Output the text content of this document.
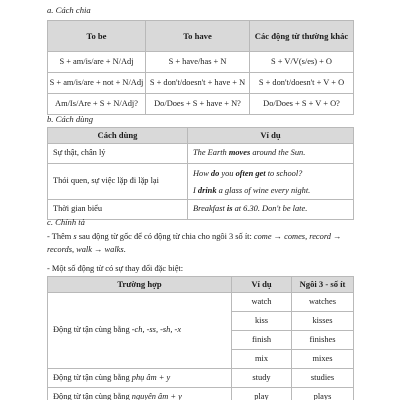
a. Cách chia
To be	To have	Các động từ thường khác
S + am/is/are + N/Adj	S + have/has + N	S + V/V(s/es) + O
S + am/is/are + not + N/Adj	S + don't/doesn't + have + N	S + don't/doesn't + V + O
Am/Is/Are + S + N/Adj?	Do/Does + S + have + N?	Do/Does + S + V + O?
b. Cách dùng
Cách dùng	Ví dụ
Sự thật, chân lý	The Earth moves around the Sun.
Thói quen, sự việc lặp đi lặp lại	How do you often get to school?
I drink a glass of wine every night.

Thời gian biểu	Breakfast is at 6.30. Don't be late.
c. Chính tả
- Thêm s sau động từ gốc để có động từ chia cho ngôi 3 số ít: come → comes, record → records, walk → walks.
- Một số động từ có sự thay đổi đặc biệt:
Trường hợp	Ví dụ	Ngôi 3 - số ít
Động từ tận cùng bằng -ch, -ss, -sh, -x	watch	watches
	kiss	kisses
	finish	finishes
	mix	mixes
Động từ tận cùng bằng phụ âm + y	study	studies
Động từ tận cùng bằng nguyên âm + y	play	plays
